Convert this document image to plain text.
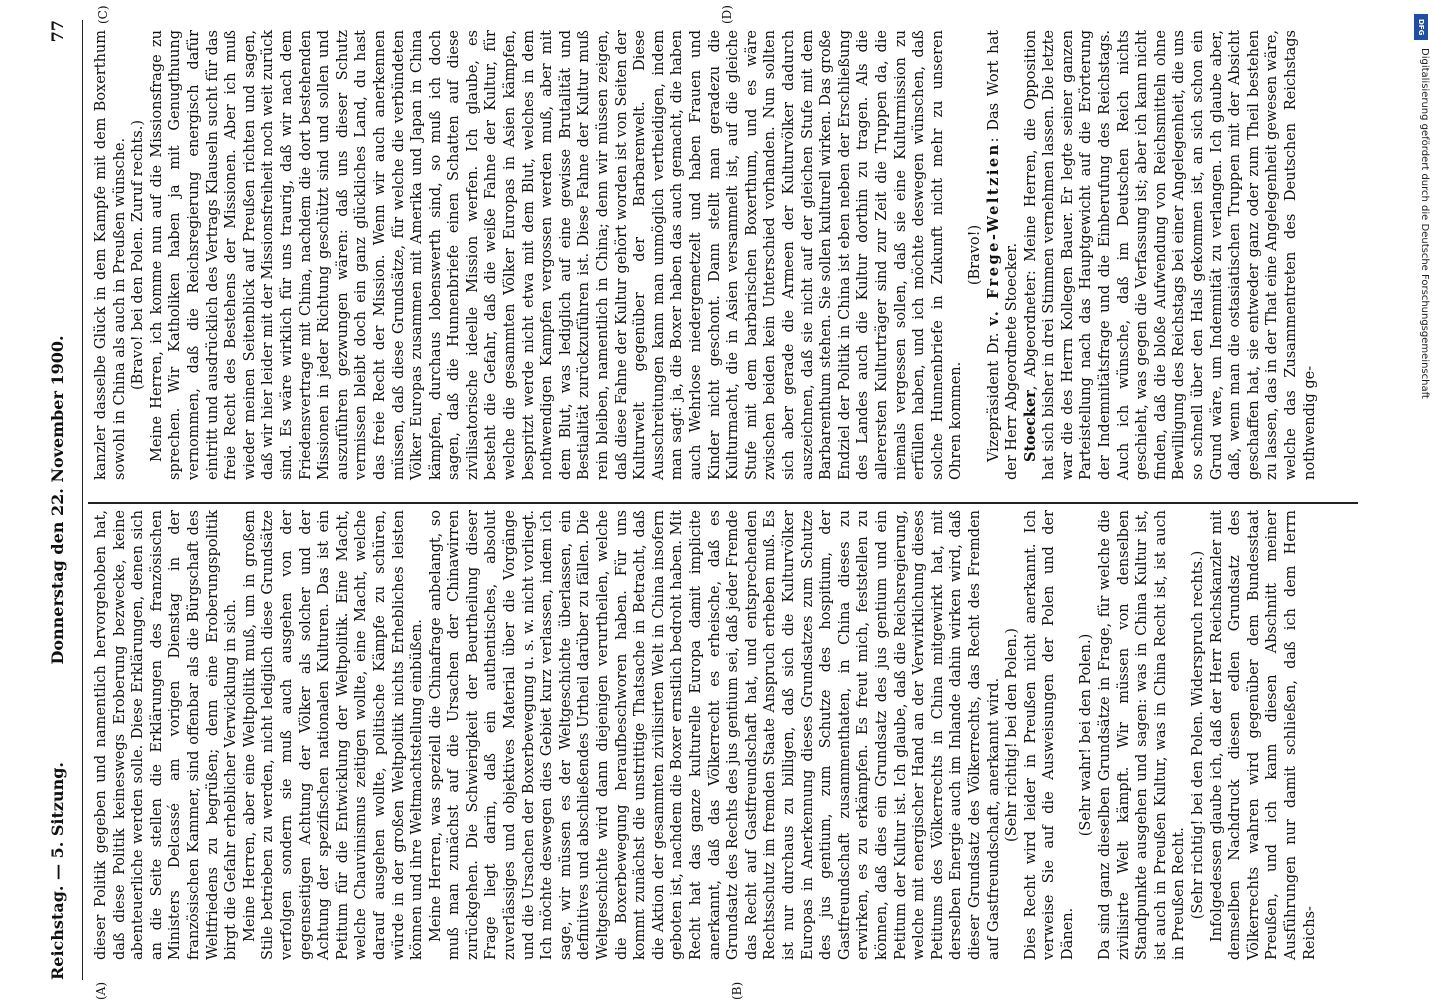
Reichstag. — 5. Sitzung.
Donnerstag den 22. November 1900.
77
(A)	(B)
(C)	(D)

dieser Politik gegeben und namentlich hervorgehoben hat, daß diese Politik keineswegs Eroberung bezwecke, keine abenteuerliche werden solle. Diese Erklärungen, denen sich an die Seite stellen die Erklärungen des französischen Ministers Delcassé am vorigen Dienstag in der französischen Kammer, sind offenbar als die Bürgschaft des Weltfriedens zu begrüßen; denn eine Eroberungspolitik birgt die Gefahr erheblicher Verwicklung in sich. Meine Herren, aber eine Weltpolitik muß, um in großem Stile betrieben zu werden, nicht lediglich diese Grundsätze verfolgen sondern sie muß auch ausgehen von der gegenseitigen Achtung der Völker als solcher und der Achtung der spezifischen nationalen Kulturen. Das ist ein Petitum für die Entwicklung der Weltpolitik. Eine Macht, welche Chauvinismus zeitigen wollte, eine Macht, welche darauf ausgehen wollte, politische Kämpfe zu schüren, würde in der großen Weltpolitik nichts Erhebliches leisten können und ihre Weltmachtstellung einbüßen. Meine Herren, was speziell die Chinafrage anbelangt, so muß man zunächst auf die Ursachen der Chinawirren zurückgehen. Die Schwierigkeit der Beurtheilung dieser Frage liegt darin, daß ein authentisches, absolut zuverlässiges und objektives Material über die Vorgänge und die Ursachen der Boxerbewegung u. s. w. nicht vorliegt. Ich möchte deswegen dies Gebiet kurz verlassen, indem ich sage, wir müssen es der Weltgeschichte überlassen, ein definitives und abschließendes Urtheil darüber zu fällen. Die Weltgeschichte wird dann diejenigen verurtheilen, welche die Boxerbewegung heraufbeschworen haben. Für uns kommt zunächst die unstrittige Thatsache in Betracht, daß die Aktion der gesammten zivilisirten Welt in China insofern geboten ist, nachdem die Boxer ernstlich bedroht haben. Mit Recht hat das ganze kulturelle Europa damit implicite anerkannt, daß das Völkerrecht es erheische, daß es Grundsatz des Rechts des jus gentium sei, daß jeder Fremde das Recht auf Gastfreundschaft hat, und entsprechenden Rechtsschutz im fremden Staate Anspruch erheben muß. Es ist nur durchaus zu billigen, daß sich die Kulturvölker Europas in Anerkennung dieses Grundsatzes zum Schutze des jus gentium, zum Schutze des hospitium, der Gastfreundschaft zusammenthaten, in China dieses zu erwirken, es zu erkämpfen. Es freut mich, feststellen zu können, daß dies ein Grundsatz des jus gentium und ein Petitum der Kultur ist. Ich glaube, daß die Reichsregierung, welche mit energischer Hand an der Verwirklichung dieses Petitums des Völkerrechts in China mitgewirkt hat, mit derselben Energie auch im Inlande dahin wirken wird, daß dieser Grundsatz des Völkerrechts, das Recht des Fremden auf Gastfreundschaft, anerkannt wird. (Sehr richtig! bei den Polen.) Dies Recht wird leider in Preußen nicht anerkannt. Ich verweise Sie auf die Ausweisungen der Polen und der Dänen.

(Sehr wahr! bei den Polen.) Da sind ganz dieselben Grundsätze in Frage, für welche die zivilisirte Welt kämpft. Wir müssen von denselben Standpunkte ausgehen und sagen: was in China Kultur ist, ist auch in Preußen Kultur, was in China Recht ist, ist auch in Preußen Recht. (Sehr richtig! bei den Polen. Widerspruch rechts.) Infolgedessen glaube ich, daß der Herr Reichskanzler mit demselben Nachdruck diesen edlen Grundsatz des Völkerrechts wahren wird gegenüber dem Bundesstaat Preußen, und ich kann diesen Abschnitt meiner Ausführungen nur damit schließen, daß ich dem Herrn Reichs-

kanzler dasselbe Glück in dem Kampfe mit dem Boxerthum sowohl in China als auch in Preußen wünsche. (Bravo! bei den Polen. Zuruf rechts.) Meine Herren, ich komme nun auf die Missionsfrage zu sprechen. Wir Katholiken haben ja mit Genugthuung vernommen, daß die Reichsregierung energisch dafür eintritt und ausdrücklich des Vertrags Klauseln sucht für das freie Recht des Bestehens der Missionen. Aber ich muß wieder meinen Seitenblick auf Preußen richten und sagen, daß wir hier leider mit der Missionsfreiheit noch weit zurück sind. Es wäre wirklich für uns traurig, daß wir nach dem Friedensvertrage mit China, nachdem die dort bestehenden Missionen in jeder Richtung geschützt sind und sollen und auszuführen gezwungen wären: daß uns dieser Schutz vermissen bleibt doch ein ganz glückliches Land, du hast das freie Recht der Mission. Wenn wir auch anerkennen müssen, daß diese Grundsätze, für welche die verbündeten Völker Europas zusammen mit Amerika und Japan in China kämpfen, durchaus lobenswerth sind, so muß ich doch sagen, daß die Hunnenbriefe einen Schatten auf diese zivilisatorische ideelle Mission werfen. Ich glaube, es besteht die Gefahr, daß die weiße Fahne der Kultur, für welche die gesammten Völker Europas in Asien kämpfen, bespritzt werde nicht etwa mit dem Blut, welches in dem nothwendigen Kampfen vergossen werden muß, aber mit dem Blut, was lediglich auf eine gewisse Brutalität und Bestialität zurückzuführen ist. Diese Fahne der Kultur muß rein bleiben, namentlich in China; denn wir müssen zeigen, daß diese Fahne der Kultur gehört worden ist von Seiten der Kulturwelt gegenüber der Barbarenwelt. Diese Ausschreitungen kann man unmöglich vertheidigen, indem man sagt: ja, die Boxer haben das auch gemacht, die haben auch Wehrlose niedergemetzelt und haben Frauen und Kinder nicht geschont. Dann stellt man geradezu die Kulturmacht, die in Asien versammelt ist, auf die gleiche Stufe mit dem barbarischen Boxerthum, und es wäre zwischen beiden kein Unterschied vorhanden. Nun sollten sich aber gerade die Armeen der Kulturvölker dadurch auszeichnen, daß sie nicht auf der gleichen Stufe mit dem Barbarenthum stehen. Sie sollen kulturell wirken. Das große Endziel der Politik in China ist eben neben der Erschließung des Landes auch die Kultur dorthin zu tragen. Als die allerersten Kulturträger sind zur Zeit die Truppen da, die niemals vergessen sollen, daß sie eine Kulturmission zu erfüllen haben, und ich möchte deswegen wünschen, daß solche Hunnenbriefe in Zukunft nicht mehr zu unseren Ohren kommen.

(Bravo!)

Vizepräsident Dr. v. Frege-Weltzien: Das Wort hat der Herr Abgeordnete Stoecker. Stoecker, Abgeordneter: Meine Herren, die Opposition hat sich bisher in drei Stimmen vernehmen lassen. Die letzte war die des Herrn Kollegen Bauer. Er legte seiner ganzen Parteistellung nach das Hauptgewicht auf die Erörterung der Indemnitätsfrage und die Einberufung des Reichstags. Auch ich wünsche, daß im Deutschen Reich nichts geschieht, was gegen die Verfassung ist; aber ich kann nicht finden, daß die bloße Aufwendung von Reichsmitteln ohne Bewilligung des Reichstags bei einer Angelegenheit, die uns so schnell über den Hals gekommen ist, an sich schon ein Grund wäre, um Indemnität zu verlangen. Ich glaube aber, daß, wenn man die ostasiatischen Truppen mit der Absicht geschaffen hat, sie entweder ganz oder zum Theil bestehen zu lassen, das in der That eine Angelegenheit gewesen wäre, welche das Zusammentreten des Deutschen Reichstags nothwendig ge-

DFG
Digitalisierung gefördert durch die Deutsche Forschungsgemeinschaft
